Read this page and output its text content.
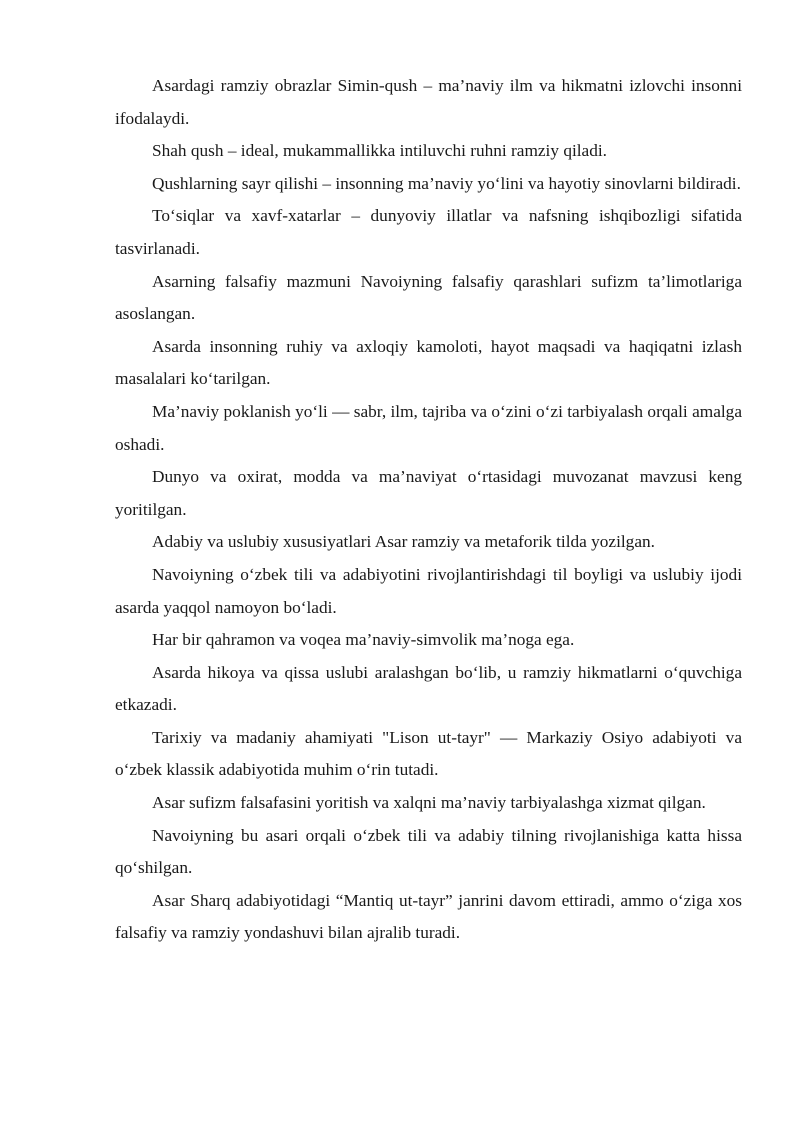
Asardagi ramziy obrazlar Simin-qush – ma’naviy ilm va hikmatni izlovchi insonni ifodalaydi.

Shah qush – ideal, mukammallikka intiluvchi ruhni ramziy qiladi.

Qushlarning sayr qilishi – insonning ma’naviy yo‘lini va hayotiy sinovlarni bildiradi.

To‘siqlar va xavf-xatarlar – dunyoviy illatlar va nafsning ishqibozligi sifatida tasvirlanadi.

Asarning falsafiy mazmuni Navoiyning falsafiy qarashlari sufizm ta’limotlariga asoslangan.

Asarda insonning ruhiy va axloqiy kamoloti, hayot maqsadi va haqiqatni izlash masalalari ko‘tarilgan.

Ma’naviy poklanish yo‘li — sabr, ilm, tajriba va o‘zini o‘zi tarbiyalash orqali amalga oshadi.

Dunyo va oxirat, modda va ma’naviyat o‘rtasidagi muvozanat mavzusi keng yoritilgan.

Adabiy va uslubiy xususiyatlari Asar ramziy va metaforik tilda yozilgan.

Navoiyning o‘zbek tili va adabiyotini rivojlantirishdagi til boyligi va uslubiy ijodi asarda yaqqol namoyon bo‘ladi.

Har bir qahramon va voqea ma’naviy-simvolik ma’noga ega.

Asarda hikoya va qissa uslubi aralashgan bo‘lib, u ramziy hikmatlarni o‘quvchiga etkazadi.

Tarixiy va madaniy ahamiyati "Lison ut-tayr" — Markaziy Osiyo adabiyoti va o‘zbek klassik adabiyotida muhim o‘rin tutadi.

Asar sufizm falsafasini yoritish va xalqni ma’naviy tarbiyalashga xizmat qilgan.

Navoiyning bu asari orqali o‘zbek tili va adabiy tilning rivojlanishiga katta hissa qo‘shilgan.

Asar Sharq adabiyotidagi “Mantiq ut-tayr” janrini davom ettiradi, ammo o‘ziga xos falsafiy va ramziy yondashuvi bilan ajralib turadi.
